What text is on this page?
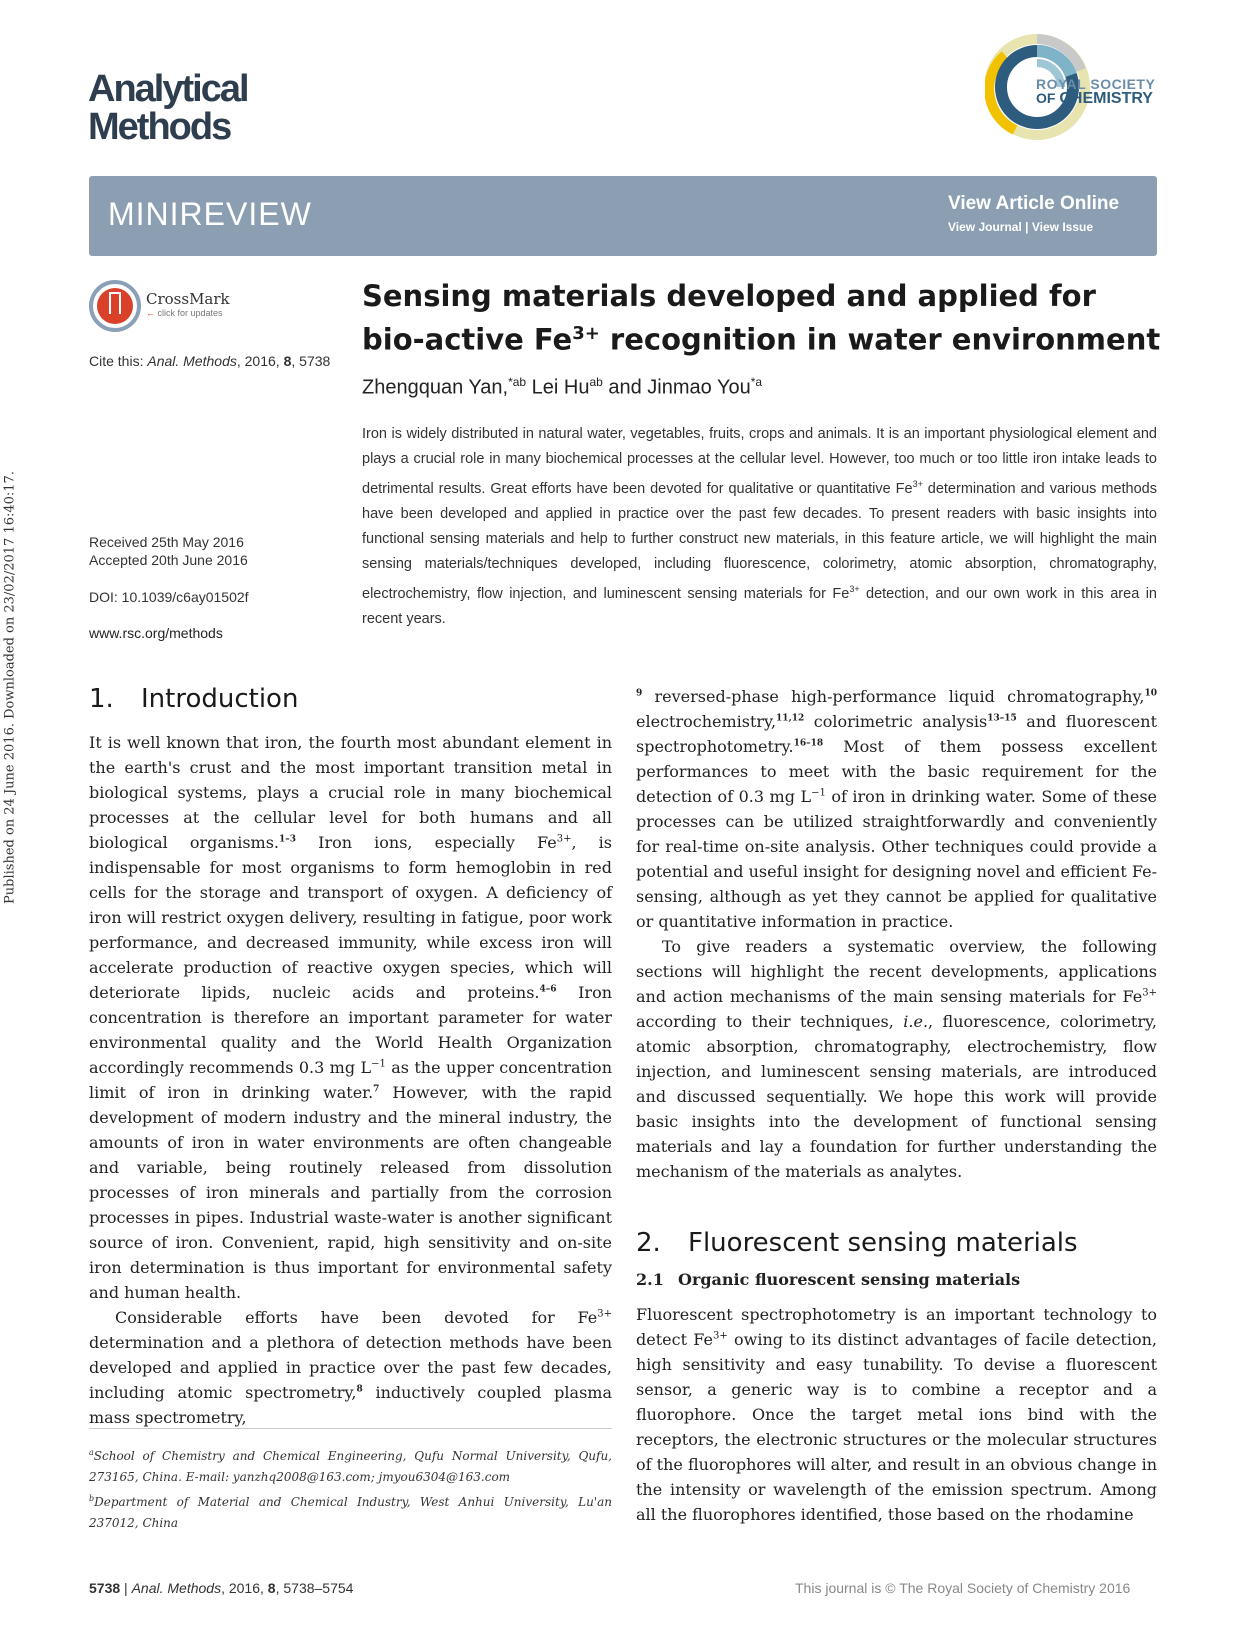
Analytical
Methods
ROYAL SOCIETY
OF CHEMISTRY
MINIREVIEW	View Article Online
View Journal | View Issue
CrossMark
← click for updates
Cite this: Anal. Methods, 2016, 8, 5738
Published on 24 June 2016. Downloaded on 23/02/2017 16:40:17.
Sensing materials developed and applied for bio-active $Fe^{3+}$ recognition in water environment
Zhengquan Yan,$^{*ab}$ Lei $Hu^{ab}$ and Jinmao You$^{*a}$
Received 25th May 2016
Accepted 20th June 2016
DOI: 10.1039/c6ay01502f
www.rsc.org/methods
Iron is widely distributed in natural water, vegetables, fruits, crops and animals. It is an important physiological element and plays a crucial role in many biochemical processes at the cellular level. However, too much or too little iron intake leads to detrimental results. Great efforts have been devoted for qualitative or quantitative $Fe^{3+}$ determination and various methods have been developed and applied in practice over the past few decades. To present readers with basic insights into functional sensing materials and help to further construct new materials, in this feature article, we will highlight the main sensing materials/techniques developed, including fluorescence, colorimetry, atomic absorption, chromatography, electrochemistry, flow injection, and luminescent sensing materials for $Fe^{3+}$ detection, and our own work in this area in recent years.
1. Introduction

It is well known that iron, the fourth most abundant element in the earth's crust and the most important transition metal in biological systems, plays a crucial role in many biochemical processes at the cellular level for both humans and all biological organisms.$^{1-3}$ Iron ions, especially $Fe^{3+}$, is indispensable for most organisms to form hemoglobin in red cells for the storage and transport of oxygen. A deficiency of iron will restrict oxygen delivery, resulting in fatigue, poor work performance, and decreased immunity, while excess iron will accelerate production of reactive oxygen species, which will deteriorate lipids, nucleic acids and proteins.$^{4-6}$ Iron concentration is therefore an important parameter for water environmental quality and the World Health Organization accordingly recommends 0.3 mg $L^{-1}$ as the upper concentration limit of iron in drinking water.$^7$ However, with the rapid development of modern industry and the mineral industry, the amounts of iron in water environments are often changeable and variable, being routinely released from dissolution processes of iron minerals and partially from the corrosion processes in pipes. Industrial waste-water is another significant source of iron. Convenient, rapid, high sensitivity and on-site iron determination is thus important for environmental safety and human health.

Considerable efforts have been devoted for $Fe^{3+}$ determination and a plethora of detection methods have been developed and applied in practice over the past few decades, including atomic spectrometry,$^8$ inductively coupled plasma mass spectrometry,

$^9$ reversed-phase high-performance liquid chromatography,$^{10}$ electrochemistry,$^{11,12}$ colorimetric analysis$^{13-15}$ and fluorescent spectrophotometry.$^{16-18}$ Most of them possess excellent performances to meet with the basic requirement for the detection of 0.3 mg $L^{-1}$ of iron in drinking water. Some of these processes can be utilized straightforwardly and conveniently for real-time on-site analysis. Other techniques could provide a potential and useful insight for designing novel and efficient Fe-sensing, although as yet they cannot be applied for qualitative or quantitative information in practice.

To give readers a systematic overview, the following sections will highlight the recent developments, applications and action mechanisms of the main sensing materials for $Fe^{3+}$ according to their techniques, i.e., fluorescence, colorimetry, atomic absorption, chromatography, electrochemistry, flow injection, and luminescent sensing materials, are introduced and discussed sequentially. We hope this work will provide basic insights into the development of functional sensing materials and lay a foundation for further understanding the mechanism of the materials as analytes.

2. Fluorescent sensing materials
2.1 Organic fluorescent sensing materials

Fluorescent spectrophotometry is an important technology to detect $Fe^{3+}$ owing to its distinct advantages of facile detection, high sensitivity and easy tunability. To devise a fluorescent sensor, a generic way is to combine a receptor and a fluorophore. Once the target metal ions bind with the receptors, the electronic structures or the molecular structures of the fluorophores will alter, and result in an obvious change in the intensity or wavelength of the emission spectrum. Among all the fluorophores identified, those based on the rhodamine

$^a$School of Chemistry and Chemical Engineering, Qufu Normal University, Qufu, 273165, China. E-mail: yanzhq2008@163.com; jmyou6304@163.com
$^b$Department of Material and Chemical Industry, West Anhui University, Lu'an 237012, China
5738 | Anal. Methods, 2016, 8, 5738–5754	This journal is © The Royal Society of Chemistry 2016
